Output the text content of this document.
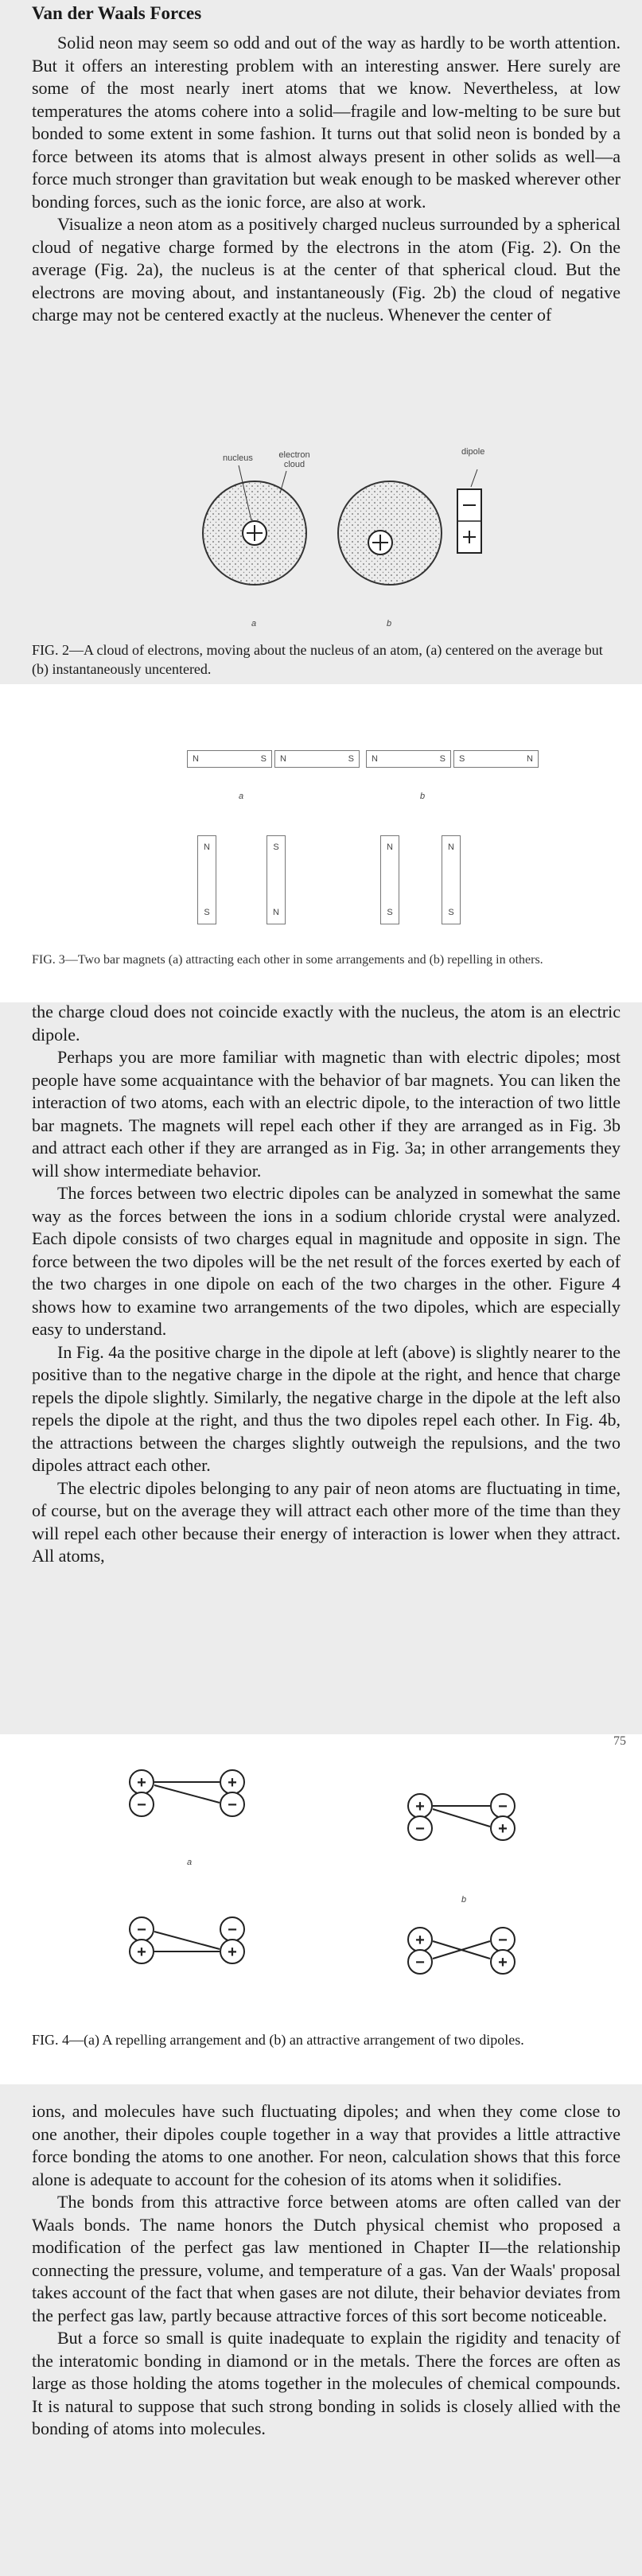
Van der Waals Forces

Solid neon may seem so odd and out of the way as hardly to be worth attention. But it offers an interesting problem with an interesting answer. Here surely are some of the most nearly inert atoms that we know. Nevertheless, at low temperatures the atoms cohere into a solid—fragile and low-melting to be sure but bonded to some extent in some fashion. It turns out that solid neon is bonded by a force between its atoms that is almost always present in other solids as well—a force much stronger than gravitation but weak enough to be masked wherever other bonding forces, such as the ionic force, are also at work.

Visualize a neon atom as a positively charged nucleus surrounded by a spherical cloud of negative charge formed by the electrons in the atom (Fig. 2). On the average (Fig. 2a), the nucleus is at the center of that spherical cloud. But the electrons are moving about, and instantaneously (Fig. 2b) the cloud of negative charge may not be centered exactly at the nucleus. Whenever the center of

nucleus	electron cloud
dipole
a	b
FIG. 2—A cloud of electrons, moving about the nucleus of an atom, (a) centered on the average but (b) instantaneously uncentered.
N	S	N	S	N	S	S	N
a	b
N
S
S
N
N
S
N
S
FIG. 3—Two bar magnets (a) attracting each other in some arrangements and (b) repelling in others.

the charge cloud does not coincide exactly with the nucleus, the atom is an electric dipole.

Perhaps you are more familiar with magnetic than with electric dipoles; most people have some acquaintance with the behavior of bar magnets. You can liken the interaction of two atoms, each with an electric dipole, to the interaction of two little bar magnets. The magnets will repel each other if they are arranged as in Fig. 3b and attract each other if they are arranged as in Fig. 3a; in other arrangements they will show intermediate behavior.

The forces between two electric dipoles can be analyzed in somewhat the same way as the forces between the ions in a sodium chloride crystal were analyzed. Each dipole consists of two charges equal in magnitude and opposite in sign. The force between the two dipoles will be the net result of the forces exerted by each of the two charges in one dipole on each of the two charges in the other. Figure 4 shows how to examine two arrangements of the two dipoles, which are especially easy to understand.

In Fig. 4a the positive charge in the dipole at left (above) is slightly nearer to the positive than to the negative charge in the dipole at the right, and hence that charge repels the dipole slightly. Similarly, the negative charge in the dipole at the left also repels the dipole at the right, and thus the two dipoles repel each other. In Fig. 4b, the attractions between the charges slightly outweigh the repulsions, and the two dipoles attract each other.

The electric dipoles belonging to any pair of neon atoms are fluctuating in time, of course, but on the average they will attract each other more of the time than they will repel each other because their energy of interaction is lower when they attract. All atoms,

75
+
−
+
−
−
+
−
+
+
−
−
+
+
−
−
+
a
b
FIG. 4—(a) A repelling arrangement and (b) an attractive arrangement of two dipoles.

ions, and molecules have such fluctuating dipoles; and when they come close to one another, their dipoles couple together in a way that provides a little attractive force bonding the atoms to one another. For neon, calculation shows that this force alone is adequate to account for the cohesion of its atoms when it solidifies.

The bonds from this attractive force between atoms are often called van der Waals bonds. The name honors the Dutch physical chemist who proposed a modification of the perfect gas law mentioned in Chapter II—the relationship connecting the pressure, volume, and temperature of a gas. Van der Waals' proposal takes account of the fact that when gases are not dilute, their behavior deviates from the perfect gas law, partly because attractive forces of this sort become noticeable.

But a force so small is quite inadequate to explain the rigidity and tenacity of the interatomic bonding in diamond or in the metals. There the forces are often as large as those holding the atoms together in the molecules of chemical compounds. It is natural to suppose that such strong bonding in solids is closely allied with the bonding of atoms into molecules.
